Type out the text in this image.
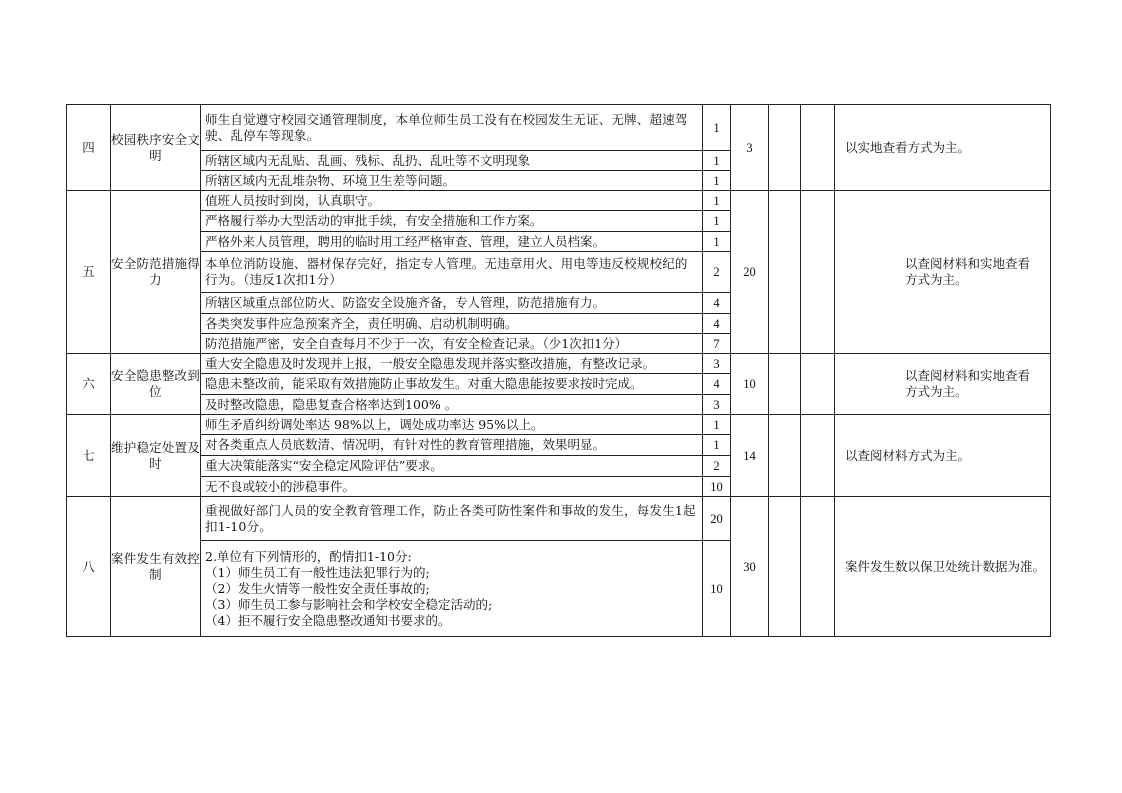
四	校园秩序安全文明	师生自觉遵守校园交通管理制度，本单位师生员工没有在校园发生无证、无牌、超速驾驶、乱停车等现象。	1	3			以实地查看方式为主。
		所辖区域内无乱贴、乱画、残标、乱扔、乱吐等不文明现象	1				
		所辖区域内无乱堆杂物、环境卫生差等问题。	1				
五	安全防范措施得力	值班人员按时到岗，认真职守。	1	20			以查阅材料和实地查看方式为主。
		严格履行举办大型活动的审批手续，有安全措施和工作方案。	1				
		严格外来人员管理，聘用的临时用工经严格审查、管理，建立人员档案。	1				
		本单位消防设施、器材保存完好，指定专人管理。无违章用火、用电等违反校规校纪的行为。（违反1次扣1分）	2				
		所辖区域重点部位防火、防盗安全设施齐备，专人管理，防范措施有力。	4				
		各类突发事件应急预案齐全，责任明确、启动机制明确。	4				
		防范措施严密，安全自查每月不少于一次，有安全检查记录。（少1次扣1分）	7				
六	安全隐患整改到位	重大安全隐患及时发现并上报，一般安全隐患发现并落实整改措施，有整改记录。	3	10			以查阅材料和实地查看方式为主。
		隐患未整改前，能采取有效措施防止事故发生。对重大隐患能按要求按时完成。	4				
		及时整改隐患，隐患复查合格率达到100% 。	3				
七	维护稳定处置及时	师生矛盾纠纷调处率达 98%以上，调处成功率达 95%以上。	1	14			以查阅材料方式为主。
		对各类重点人员底数清、情况明，有针对性的教育管理措施，效果明显。	1				
		重大决策能落实“安全稳定风险评估”要求。	2				
		无不良或较小的涉稳事件。	10				
八	案件发生有效控制	重视做好部门人员的安全教育管理工作，防止各类可防性案件和事故的发生，每发生1起扣1-10分。	20	30			案件发生数以保卫处统计数据为准。

		2.单位有下列情形的，酌情扣1-10分:
（1）师生员工有一般性违法犯罪行为的;
（2）发生火情等一般性安全责任事故的;
（3）师生员工参与影响社会和学校安全稳定活动的;
（4）拒不履行安全隐患整改通知书要求的。	10				
